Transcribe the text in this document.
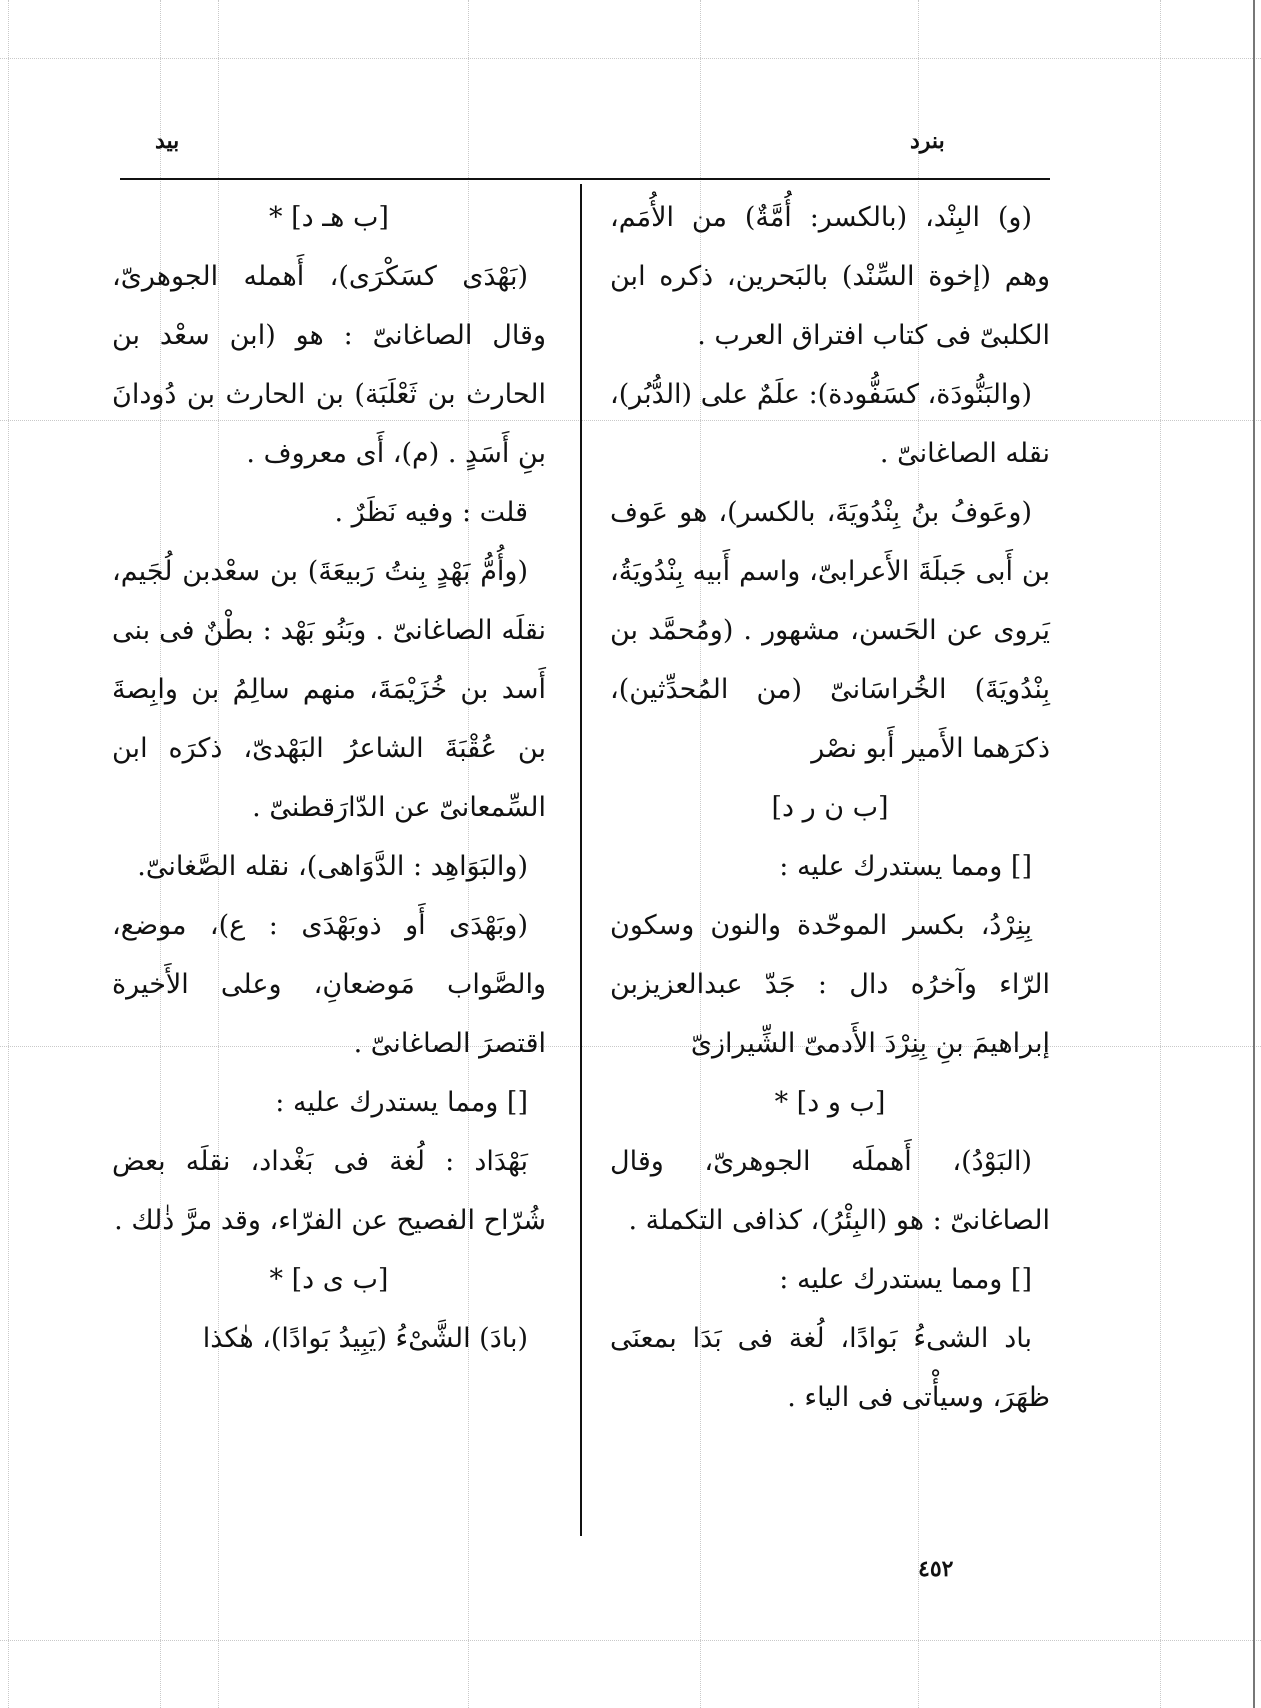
بيد	بنرد

(و) البِنْد، (بالكسر: أُمَّةٌ) من الأُمَم، وهم (إخوة السِّنْد) بالبَحرين، ذكره ابن الكلبىّ فى كتاب افتراق العرب .

(والبَنُّودَة، كسَفُّودة): علَمٌ على (الدُّبُر)، نقله الصاغانىّ .

(وعَوفُ بنُ بِنْدُويَةَ، بالكسر)، هو عَوف بن أَبى جَبلَةَ الأَعرابىّ، واسم أَبيه بِنْدُويَةُ، يَروى عن الحَسن، مشهور . (ومُحمَّد بن بِنْدُويَةَ) الخُراسَانىّ (من المُحدِّثين)، ذكرَهما الأَمير أَبو نصْر

[ب ن ر د]

[] ومما يستدرك عليه :

بِنِرْدُ، بكسر الموحّدة والنون وسكون الرّاء وآخرُه دال : جَدّ عبدالعزيزبن إبراهيمَ بنِ بِنِرْدَ الأَدمىّ الشِّيرازىّ

[ب و د] *

(البَوْدُ)، أَهملَه الجوهرىّ، وقال الصاغانىّ : هو (البِئْرُ)، كذافى التكملة .

[] ومما يستدرك عليه :

باد الشىءُ بَوادًا، لُغة فى بَدَا بمعنَى ظهَرَ، وسيأْتى فى الياء .

[ب هـ د] *

(بَهْدَى كسَكْرَى)، أَهمله الجوهرىّ، وقال الصاغانىّ : هو (ابن سعْد بن الحارث بن ثَعْلَبَة) بن الحارث بن دُودانَ بنِ أَسَدٍ . (م)، أَى معروف .

قلت : وفيه نَظَرٌ .

(وأُمُّ بَهْدٍ بِنتُ رَبيعَةَ) بن سعْدبن لُجَيم، نقلَه الصاغانىّ . وبَنُو بَهْد : بطْنٌ فى بنى أَسد بن خُزَيْمَةَ، منهم سالِمُ بن وابِصةَ بن عُقْبَةَ الشاعرُ البَهْدىّ، ذكرَه ابن السِّمعانىّ عن الدّارَقطنىّ .

(والبَوَاهِد : الدَّوَاهى)، نقله الصَّغانىّ.

(وبَهْدَى أَو ذوبَهْدَى : ع)، موضع، والصَّواب مَوضعانِ، وعلى الأَخيرة اقتصرَ الصاغانىّ .

[] ومما يستدرك عليه :

بَهْدَاد : لُغة فى بَغْداد، نقلَه بعض شُرّاح الفصيح عن الفرّاء، وقد مرَّ ذٰلك .

[ب ى د] *

(بادَ) الشَّىْءُ (يَبِيدُ بَوادًا)، هٰكذا

٤٥٢
